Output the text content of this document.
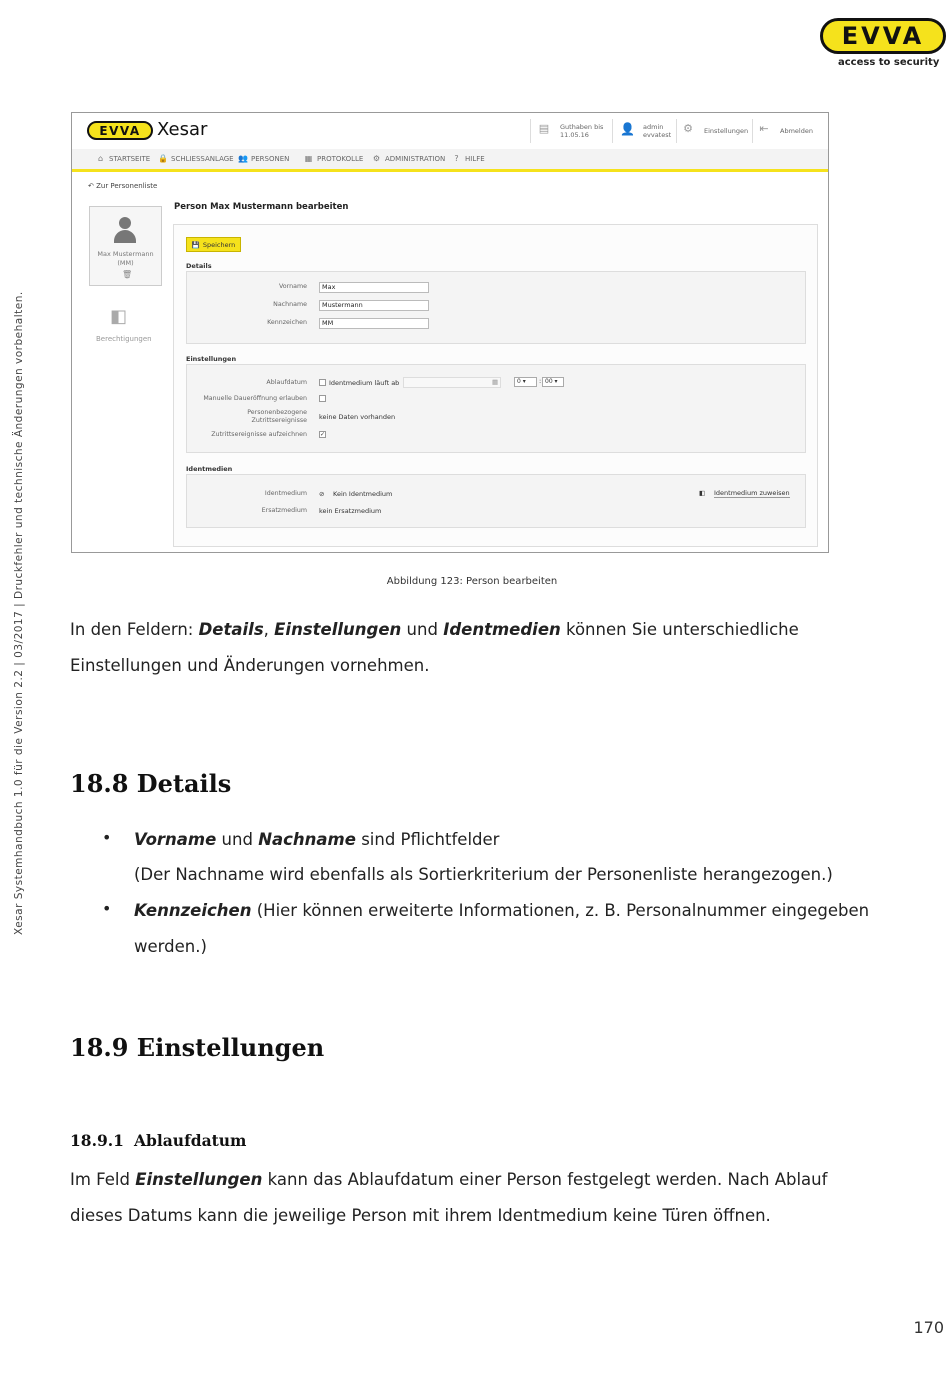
EVVA
access to security
Xesar Systemhandbuch 1.0 für die Version 2.2 | 03/2017 | Druckfehler und technische Änderungen vorbehalten.
EVVA Xesar	▤ Guthaben bis
11.05.16	👤 admin
evvatest ⚙ Einstellungen ⇤ Abmelden
⌂ STARTSEITE 🔒 SCHLIESSANLAGE 👥 PERSONEN ▦ PROTOKOLLE ⚙ ADMINISTRATION ? HILFE
↶ Zur Personenliste
Max Mustermann
(MM)
🗑
◧
Berechtigungen
Person Max Mustermann bearbeiten
💾 Speichern
Details
Vorname	Max
Nachname	Mustermann
Kennzeichen	MM
Einstellungen
Ablaufdatum	Identmedium läuft ab	▦	0 ▾	: 00 ▾
Manuelle Daueröffnung erlauben
Personenbezogene
Zutrittsereignisse keine Daten vorhanden
Zutrittsereignisse aufzeichnen ✓
Identmedien
Identmedium ⊘ Kein Identmedium	◧ Identmedium zuweisen
Ersatzmedium kein Ersatzmedium
Abbildung 123: Person bearbeiten
In den Feldern: Details, Einstellungen und Identmedien können Sie unterschiedliche Einstellungen und Änderungen vornehmen.
18.8 Details
• Vorname und Nachname sind Pflichtfelder
(Der Nachname wird ebenfalls als Sortierkriterium der Personenliste herangezogen.)
• Kennzeichen (Hier können erweiterte Informationen, z. B. Personalnummer eingegeben werden.)
18.9 Einstellungen
18.9.1 Ablaufdatum
Im Feld Einstellungen kann das Ablaufdatum einer Person festgelegt werden. Nach Ablauf dieses Datums kann die jeweilige Person mit ihrem Identmedium keine Türen öffnen.
170
